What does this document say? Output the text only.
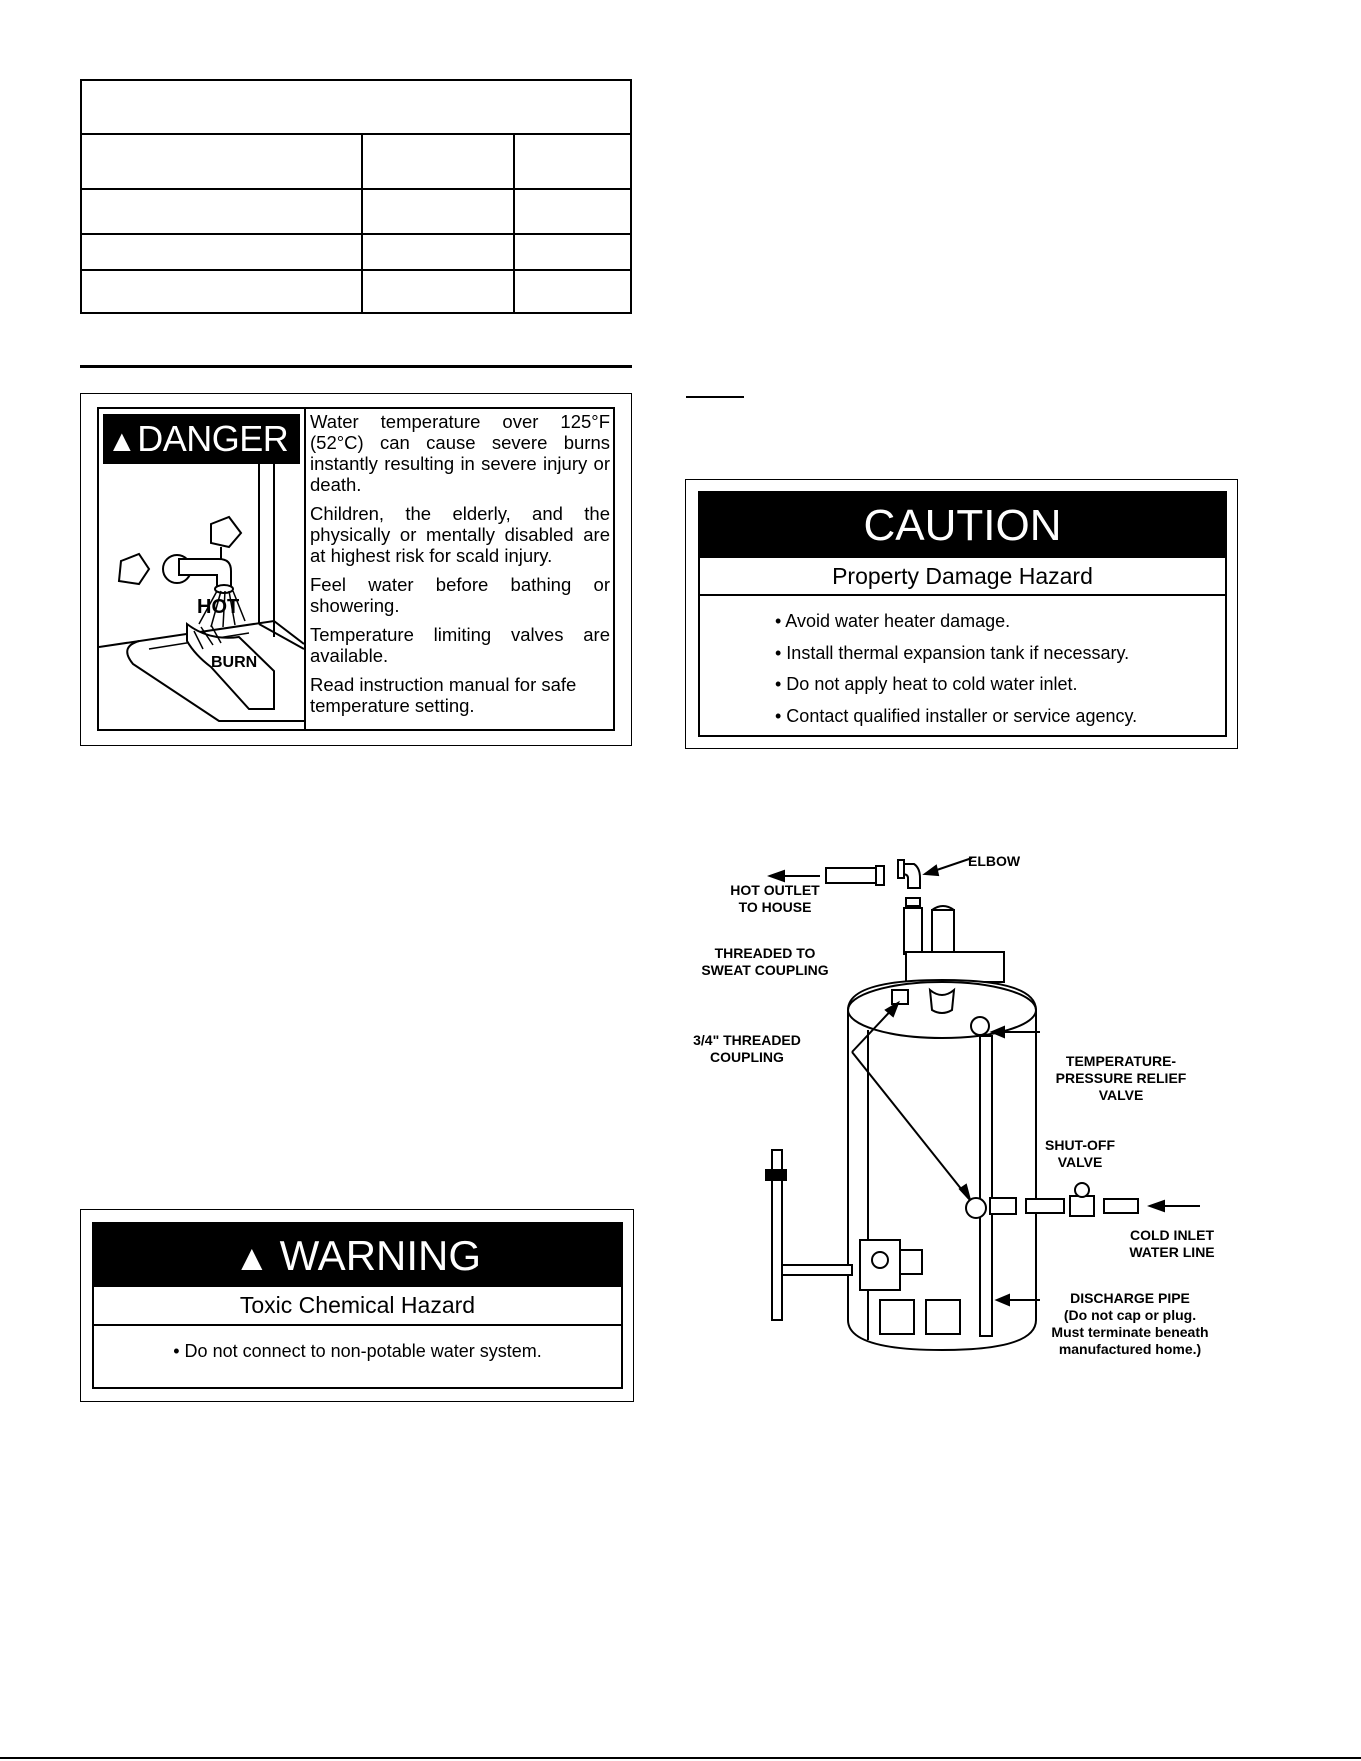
HOT
BURN
▲DANGER	Water temperature over 125°F (52°C) can cause severe burns instantly resulting in severe injury or death.

Children, the elderly, and the physically or mentally disabled are at highest risk for scald injury.

Feel water before bathing or showering.

Temperature limiting valves are available.

Read instruction manual for safe temperature setting.

CAUTION
Property Damage Hazard
• Avoid water heater damage.
• Install thermal expansion tank if necessary.
• Do not apply heat to cold water inlet.
• Contact qualified installer or service agency.
▲ WARNING
Toxic Chemical Hazard
• Do not connect to non-potable water system.
ELBOW
HOT OUTLET
TO HOUSE
THREADED TO
SWEAT COUPLING
3/4" THREADED
COUPLING	TEMPERATURE-
PRESSURE RELIEF
VALVE
SHUT-OFF
VALVE
COLD INLET
WATER LINE
DISCHARGE PIPE
(Do not cap or plug.
Must terminate beneath
manufactured home.)
